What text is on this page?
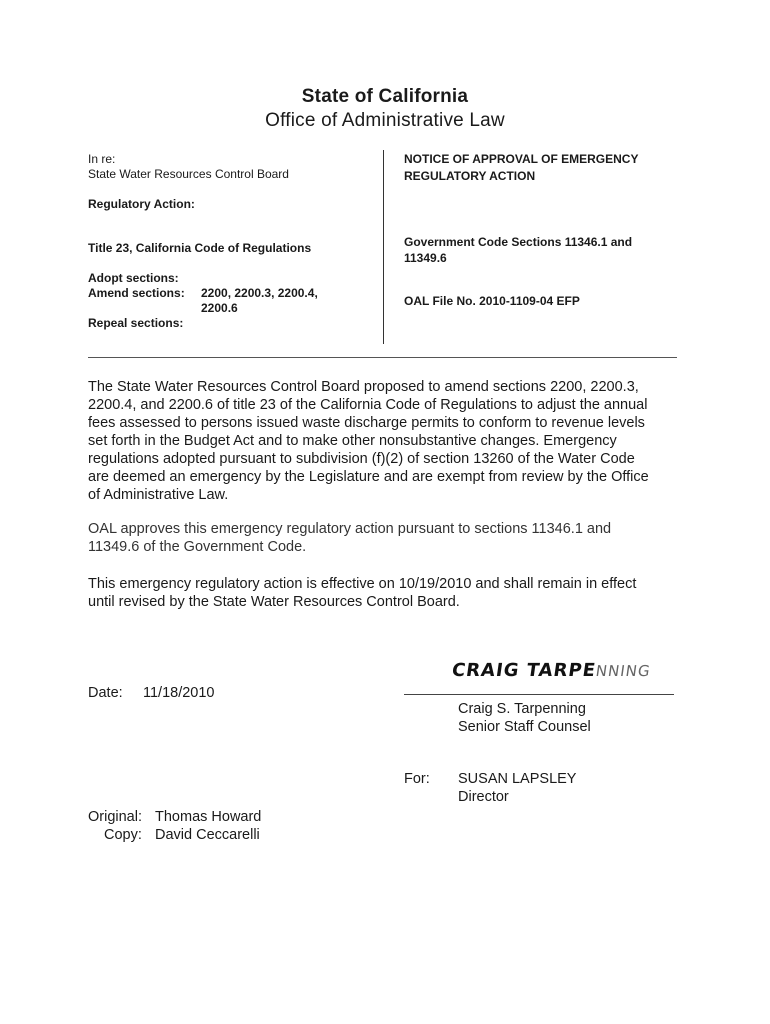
State of California
Office of Administrative Law
In re:
State Water Resources Control Board
Regulatory Action:
Title 23, California Code of Regulations
Adopt sections:
Amend sections: 2200, 2200.3, 2200.4,
2200.6
Repeal sections:
NOTICE OF APPROVAL OF EMERGENCY
REGULATORY ACTION
Government Code Sections 11346.1 and
11349.6
OAL File No. 2010-1109-04 EFP

The State Water Resources Control Board proposed to amend sections 2200, 2200.3,

2200.4, and 2200.6 of title 23 of the California Code of Regulations to adjust the annual

fees assessed to persons issued waste discharge permits to conform to revenue levels

set forth in the Budget Act and to make other nonsubstantive changes. Emergency

regulations adopted pursuant to subdivision (f)(2) of section 13260 of the Water Code

are deemed an emergency by the Legislature and are exempt from review by the Office

of Administrative Law.

OAL approves this emergency regulatory action pursuant to sections 11346.1 and

11349.6 of the Government Code.

This emergency regulatory action is effective on 10/19/2010 and shall remain in effect

until revised by the State Water Resources Control Board.

Date: 11/18/2010
CRAIG TARPENNING
Craig S. Tarpenning
Senior Staff Counsel
For: SUSAN LAPSLEY
Director
Original: Thomas Howard
Copy: David Ceccarelli
